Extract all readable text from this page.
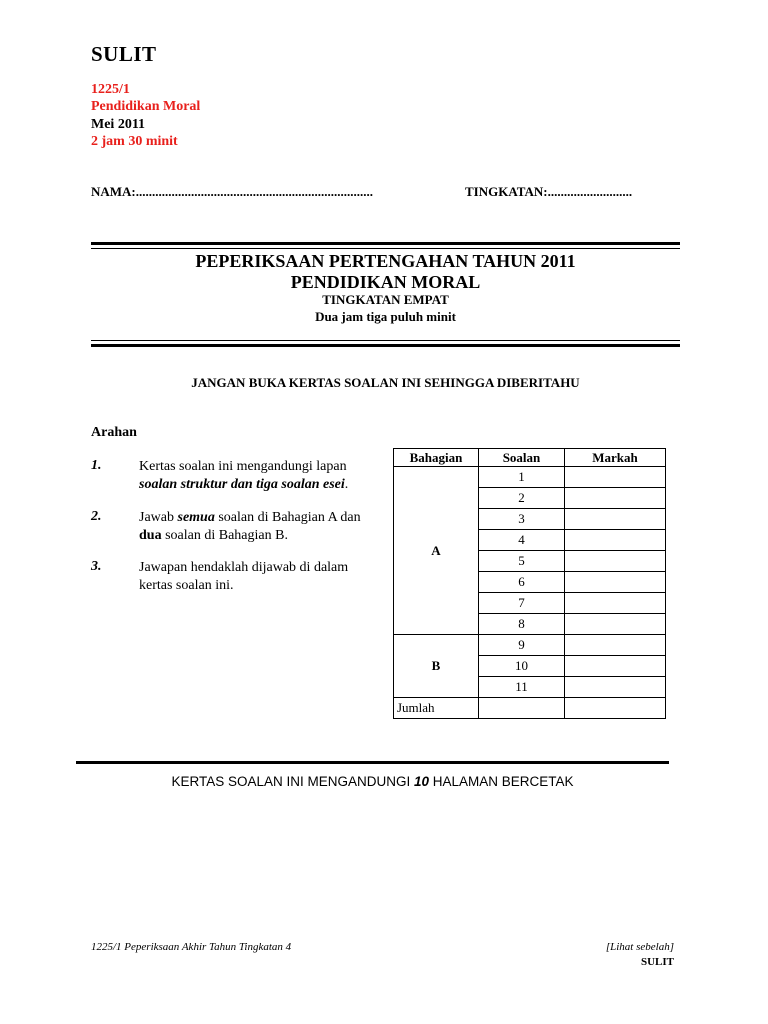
SULIT
1225/1
Pendidikan Moral
Mei 2011
2 jam 30 minit
NAMA:.........................................................................	TINGKATAN:..........................
PEPERIKSAAN PERTENGAHAN TAHUN 2011
PENDIDIKAN MORAL
TINGKATAN EMPAT
Dua jam tiga puluh minit
JANGAN BUKA KERTAS SOALAN INI SEHINGGA DIBERITAHU
Arahan
1.	Kertas soalan ini mengandungi lapan soalan struktur dan tiga soalan esei.
2.	Jawab semua soalan di Bahagian A dan dua soalan di Bahagian B.
3.	Jawapan hendaklah dijawab di dalam kertas soalan ini.
Bahagian	Soalan	Markah
A	1	
	2	
	3	
	4	
	5	
	6	
	7	
	8	
B	9	
	10	
	11	
Jumlah		
KERTAS SOALAN INI MENGANDUNGI 10 HALAMAN BERCETAK
1225/1 Peperiksaan Akhir Tahun Tingkatan 4	[Lihat sebelah]
SULIT
